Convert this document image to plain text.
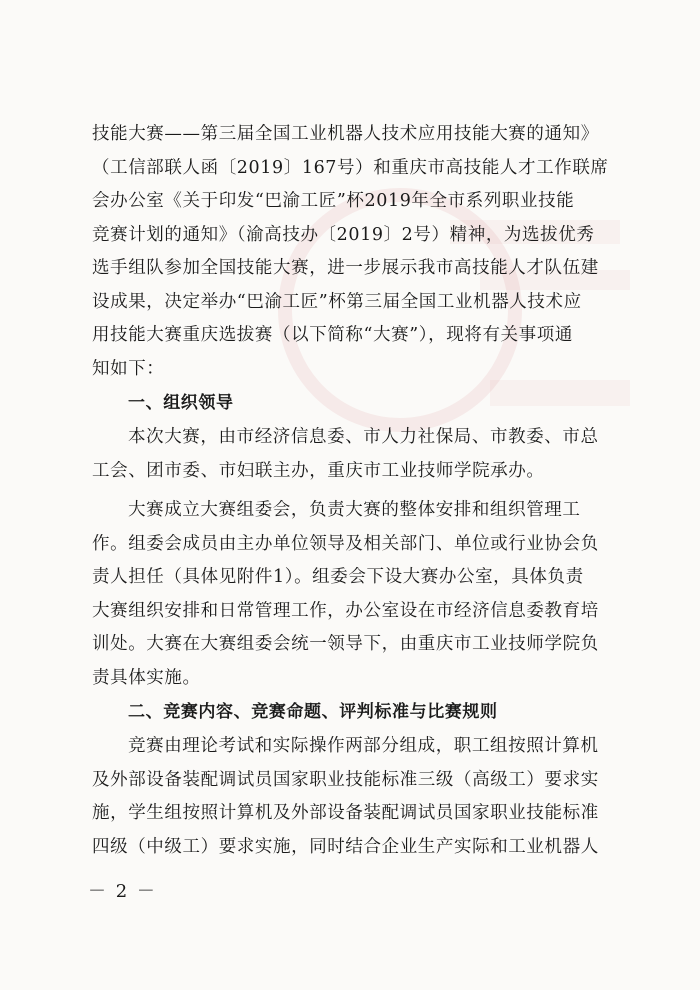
技能大赛——第三届全国工业机器人技术应用技能大赛的通知》
（工信部联人函〔2019〕167号）和重庆市高技能人才工作联席
会办公室《关于印发“巴渝工匠”杯2019年全市系列职业技能
竞赛计划的通知》（渝高技办〔2019〕2号）精神，为选拔优秀
选手组队参加全国技能大赛，进一步展示我市高技能人才队伍建
设成果，决定举办“巴渝工匠”杯第三届全国工业机器人技术应
用技能大赛重庆选拔赛（以下简称“大赛”），现将有关事项通
知如下：
一、组织领导
本次大赛，由市经济信息委、市人力社保局、市教委、市总
工会、团市委、市妇联主办，重庆市工业技师学院承办。
大赛成立大赛组委会，负责大赛的整体安排和组织管理工
作。组委会成员由主办单位领导及相关部门、单位或行业协会负
责人担任（具体见附件1）。组委会下设大赛办公室，具体负责
大赛组织安排和日常管理工作，办公室设在市经济信息委教育培
训处。大赛在大赛组委会统一领导下，由重庆市工业技师学院负
责具体实施。
二、竞赛内容、竞赛命题、评判标准与比赛规则
竞赛由理论考试和实际操作两部分组成，职工组按照计算机
及外部设备装配调试员国家职业技能标准三级（高级工）要求实
施，学生组按照计算机及外部设备装配调试员国家职业技能标准
四级（中级工）要求实施，同时结合企业生产实际和工业机器人
－ 2 －
